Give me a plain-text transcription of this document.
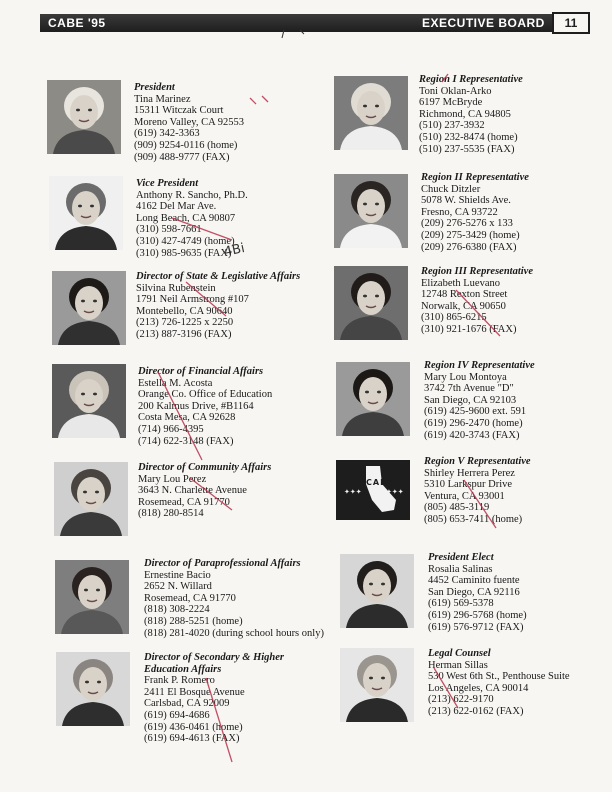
CABE '95	EXECUTIVE BOARD	11
President
Tina Marinez
15311 Witczak Court
Moreno Valley, CA 92553
(619) 342-3363
(909) 9254-0116 (home)
(909) 488-9777 (FAX)
Vice President
Anthony R. Sancho, Ph.D.
4162 Del Mar Ave.
Long Beach, CA 90807
(310) 598-7661
(310) 427-4749 (home)
(310) 985-9635 (FAX)
Director of State & Legislative Affairs
Silvina Rubenstein
1791 Neil Armstrong #107
Montebello, CA 90640
(213) 726-1225 x 2250
(213) 887-3196 (FAX)
Director of Financial Affairs
Estella M. Acosta
Orange Co. Office of Education
200 Kalmus Drive, #B1164
Costa Mesa, CA 92628
(714) 966-4395
(714) 622-3148 (FAX)
Director of Community Affairs
Mary Lou Perez
3643 N. Charlette Avenue
Rosemead, CA 91770
(818) 280-8514
Director of Paraprofessional Affairs
Ernestine Bacio
2652 N. Willard
Rosemead, CA 91770
(818) 308-2224
(818) 288-5251 (home)
(818) 281-4020 (during school hours only)
Director of Secondary & Higher Education Affairs
Frank P. Romero
2411 El Bosque Avenue
Carlsbad, CA 92009
(619) 694-4686
(619) 436-0461 (home)
(619) 694-4613 (FAX)
Region I Representative
Toni Oklan-Arko
6197 McBryde
Richmond, CA 94805
(510) 237-3932
(510) 232-8474 (home)
(510) 237-5535 (FAX)
Region II Representative
Chuck Ditzler
5078 W. Shields Ave.
Fresno, CA 93722
(209) 276-5276 x 133
(209) 275-3429 (home)
(209) 276-6380 (FAX)
Region III Representative
Elizabeth Luevano
12748 Rexton Street
Norwalk, CA 90650
(310) 865-6215
(310) 921-1676 (FAX)
Region IV Representative
Mary Lou Montoya
3742 7th Avenue "D"
San Diego, CA 92103
(619) 425-9600 ext. 591
(619) 296-2470 (home)
(619) 420-3743 (FAX)
✦✦✦	✦✦✦
CABE
Region V Representative
Shirley Herrera Perez
5310 Larkspur Drive
Ventura, CA 93001
(805) 485-3119
(805) 653-7411 (home)
President Elect
Rosalia Salinas
4452 Caminito fuente
San Diego, CA 92116
(619) 569-5378
(619) 296-5768 (home)
(619) 576-9712 (FAX)
Legal Counsel
Herman Sillas
530 West 6th St., Penthouse Suite
Los Angeles, CA 90014
(213) 622-9170
(213) 622-0162 (FAX)
4Bi
